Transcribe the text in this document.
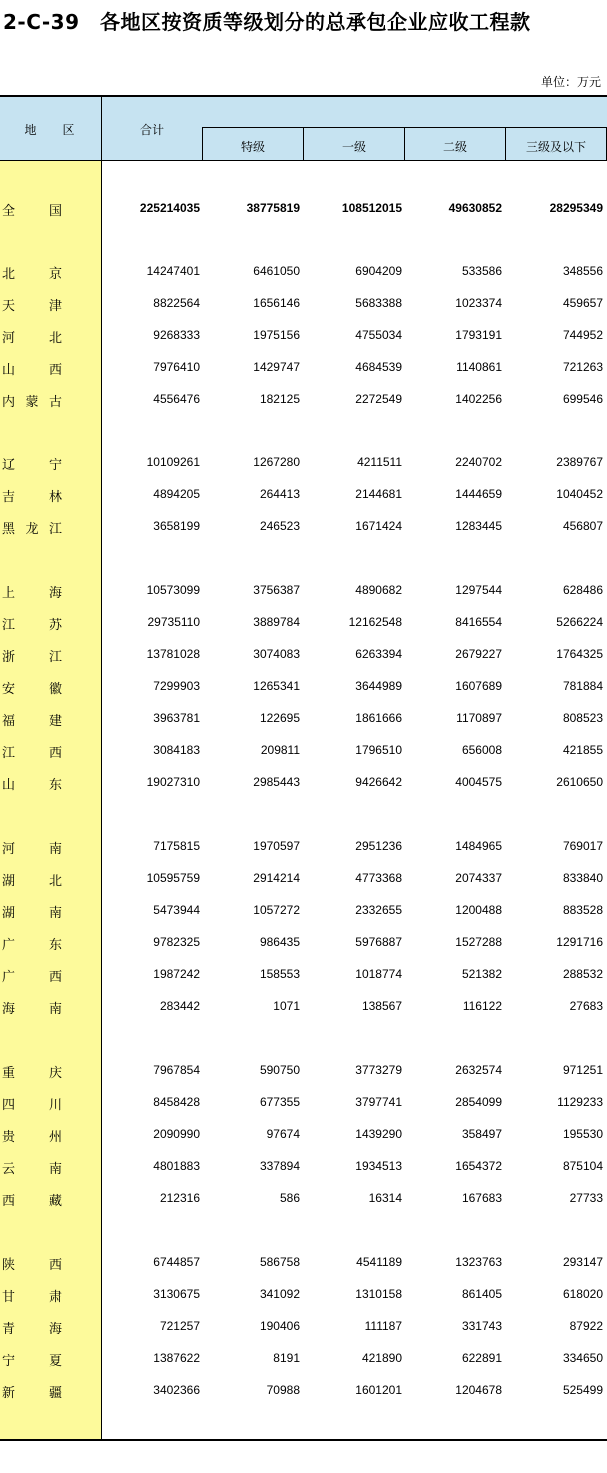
2-C-39　各地区按资质等级划分的总承包企业应收工程款
单位：万元
地区	合计
特级	一级	二级	三级及以下
全	国	225214035	38775819	108512015	49630852	28295349
北	京	14247401	6461050	6904209	533586	348556
天	津	8822564	1656146	5683388	1023374	459657
河	北	9268333	1975156	4755034	1793191	744952
山	西	7976410	1429747	4684539	1140861	721263
内 蒙 古	4556476	182125	2272549	1402256	699546
辽	宁	10109261	1267280	4211511	2240702	2389767
吉	林	4894205	264413	2144681	1444659	1040452
黑 龙 江	3658199	246523	1671424	1283445	456807
上	海	10573099	3756387	4890682	1297544	628486
江	苏	29735110	3889784	12162548	8416554	5266224
浙	江	13781028	3074083	6263394	2679227	1764325
安	徽	7299903	1265341	3644989	1607689	781884
福	建	3963781	122695	1861666	1170897	808523
江	西	3084183	209811	1796510	656008	421855
山	东	19027310	2985443	9426642	4004575	2610650
河	南	7175815	1970597	2951236	1484965	769017
湖	北	10595759	2914214	4773368	2074337	833840
湖	南	5473944	1057272	2332655	1200488	883528
广	东	9782325	986435	5976887	1527288	1291716
广	西	1987242	158553	1018774	521382	288532
海	南	283442	1071	138567	116122	27683
重	庆	7967854	590750	3773279	2632574	971251
四	川	8458428	677355	3797741	2854099	1129233
贵	州	2090990	97674	1439290	358497	195530
云	南	4801883	337894	1934513	1654372	875104
西	藏	212316	586	16314	167683	27733
陕	西	6744857	586758	4541189	1323763	293147
甘	肃	3130675	341092	1310158	861405	618020
青	海	721257	190406	111187	331743	87922
宁	夏	1387622	8191	421890	622891	334650
新	疆	3402366	70988	1601201	1204678	525499
